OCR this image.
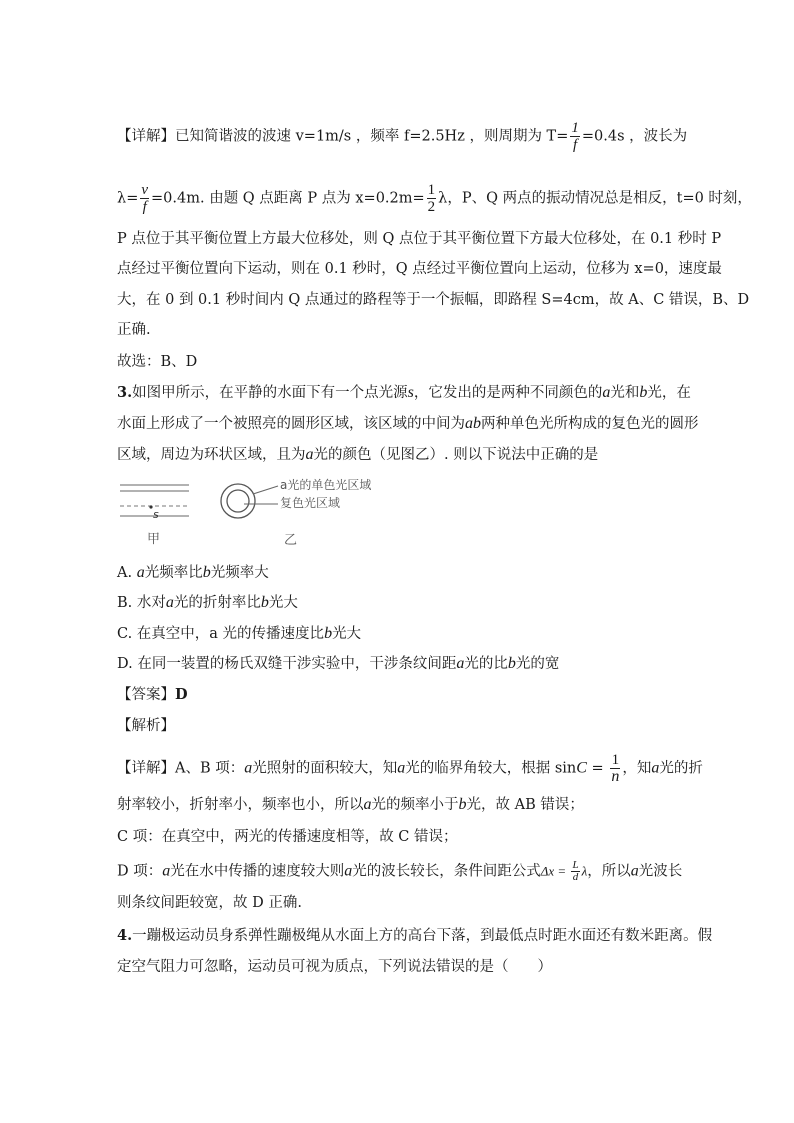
【详解】已知简谐波的波速 v=1m/s ，频率 f=2.5Hz ，则周期为 $T= \frac{1}{f} =0.4s$ ，波长为
$\lambda= \frac{v}{f} =0.4m$. 由题 Q 点距离 P 点为 $x=0.2m= \frac{1}{2}$ λ，P、Q 两点的振动情况总是相反，t=0 时刻，
P 点位于其平衡位置上方最大位移处，则 Q 点位于其平衡位置下方最大位移处，在 0.1 秒时 P
点经过平衡位置向下运动，则在 0.1 秒时，Q 点经过平衡位置向上运动，位移为 x=0，速度最
大，在 0 到 0.1 秒时间内 Q 点通过的路程等于一个振幅，即路程 S=4cm，故 A、C 错误，B、D
正确.
故选：B、D
3.如图甲所示，在平静的水面下有一个点光源s，它发出的是两种不同颜色的a光和b光，在
水面上形成了一个被照亮的圆形区域，该区域的中间为ab两种单色光所构成的复色光的圆形
区域，周边为环状区域，且为a光的颜色（见图乙）. 则以下说法中正确的是
s
甲
a光的单色光区域
复色光区域
乙
A. a光频率比b光频率大
B. 水对a光的折射率比b光大
C. 在真空中，a 光的传播速度比b光大
D. 在同一装置的杨氏双缝干涉实验中，干涉条纹间距a光的比b光的宽
【答案】D
【解析】
【详解】A、B 项：a光照射的面积较大，知a光的临界角较大，根据 $\sin C = \frac{1}{n}$ ，知a光的折
射率较小，折射率小，频率也小，所以a光的频率小于b光，故 AB 错误；
C 项：在真空中，两光的传播速度相等，故 C 错误；
D 项：a光在水中传播的速度较大则a光的波长较长，条件间距公式$\Delta x = \frac{L}{d}$ λ，所以a光波长
则条纹间距较宽，故 D 正确.
4.一蹦极运动员身系弹性蹦极绳从水面上方的高台下落，到最低点时距水面还有数米距离。假
定空气阻力可忽略，运动员可视为质点，下列说法错误的是（　　）
